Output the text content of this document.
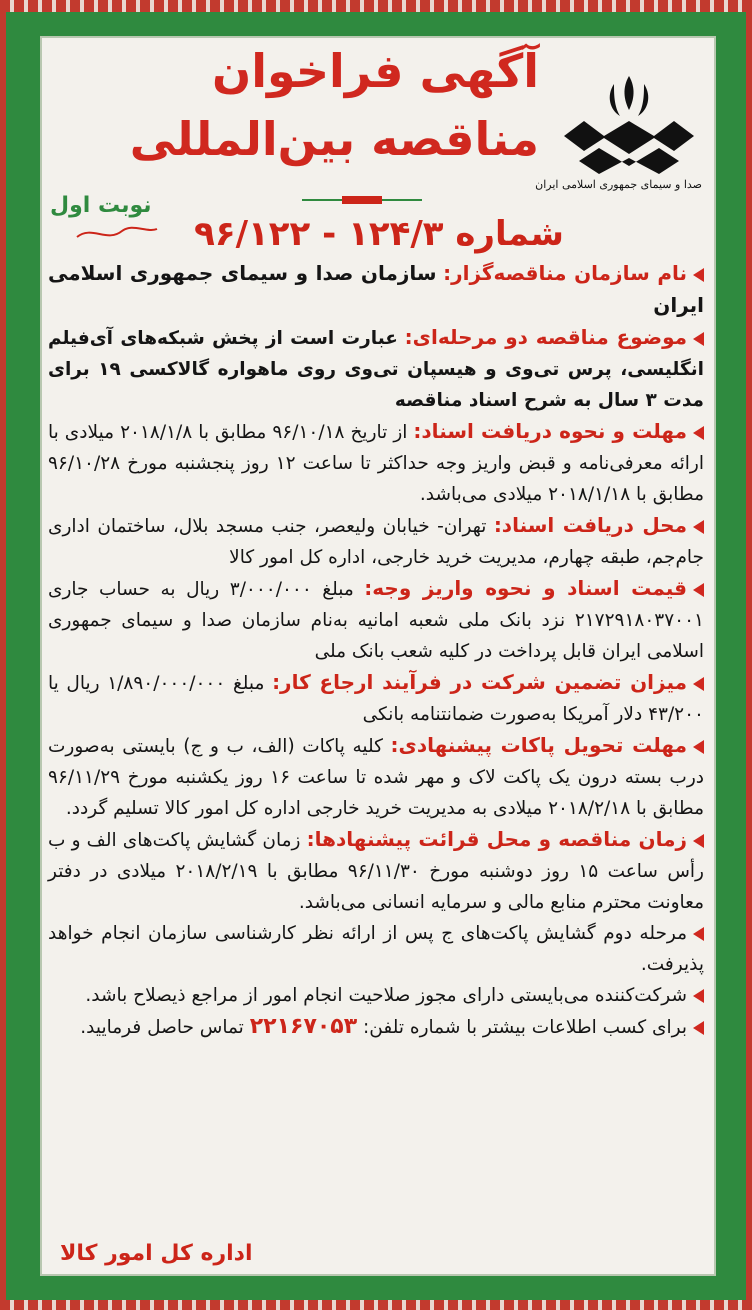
آگهی فراخوان
مناقصه بین‌المللی
صدا و سیمای جمهوری اسلامی ایران
نوبت اول
شماره ۱۲۴/۳ - ۹۶/۱۲۲
نام سازمان مناقصه‌گزار: سازمان صدا و سیمای جمهوری اسلامی ایران
موضوع مناقصه دو مرحله‌ای: عبارت است از پخش شبکه‌های آی‌فیلم انگلیسی، پرس تی‌وی و هیسپان تی‌وی روی ماهواره گالاکسی ۱۹ برای مدت ۳ سال به شرح اسناد مناقصه
مهلت و نحوه دریافت اسناد: از تاریخ ۹۶/۱۰/۱۸ مطابق با ۲۰۱۸/۱/۸ میلادی با ارائه معرفی‌نامه و قبض واریز وجه حداکثر تا ساعت ۱۲ روز پنجشنبه مورخ ۹۶/۱۰/۲۸ مطابق با ۲۰۱۸/۱/۱۸ میلادی می‌باشد.
محل دریافت اسناد: تهران- خیابان ولیعصر، جنب مسجد بلال، ساختمان اداری جام‌جم، طبقه چهارم، مدیریت خرید خارجی، اداره کل امور کالا
قیمت اسناد و نحوه واریز وجه: مبلغ ۳/۰۰۰/۰۰۰ ریال به حساب جاری ۲۱۷۲۹۱۸۰۳۷۰۰۱ نزد بانک ملی شعبه امانیه به‌نام سازمان صدا و سیمای جمهوری اسلامی ایران قابل پرداخت در کلیه شعب بانک ملی
میزان تضمین شرکت در فرآیند ارجاع کار: مبلغ ۱/۸۹۰/۰۰۰/۰۰۰ ریال یا ۴۳/۲۰۰ دلار آمریکا به‌صورت ضمانتنامه بانکی
مهلت تحویل پاکات پیشنهادی: کلیه پاکات (الف، ب و ج) بایستی به‌صورت درب بسته درون یک پاکت لاک و مهر شده تا ساعت ۱۶ روز یکشنبه مورخ ۹۶/۱۱/۲۹ مطابق با ۲۰۱۸/۲/۱۸ میلادی به مدیریت خرید خارجی اداره کل امور کالا تسلیم گردد.
زمان مناقصه و محل قرائت پیشنهادها: زمان گشایش پاکت‌های الف و ب رأس ساعت ۱۵ روز دوشنبه مورخ ۹۶/۱۱/۳۰ مطابق با ۲۰۱۸/۲/۱۹ میلادی در دفتر معاونت محترم منابع مالی و سرمایه انسانی می‌باشد.
مرحله دوم گشایش پاکت‌های ج پس از ارائه نظر کارشناسی سازمان انجام خواهد پذیرفت.
شرکت‌کننده می‌بایستی دارای مجوز صلاحیت انجام امور از مراجع ذیصلاح باشد.
برای کسب اطلاعات بیشتر با شماره تلفن: ۲۲۱۶۷۰۵۳ تماس حاصل فرمایید.
اداره کل امور کالا
